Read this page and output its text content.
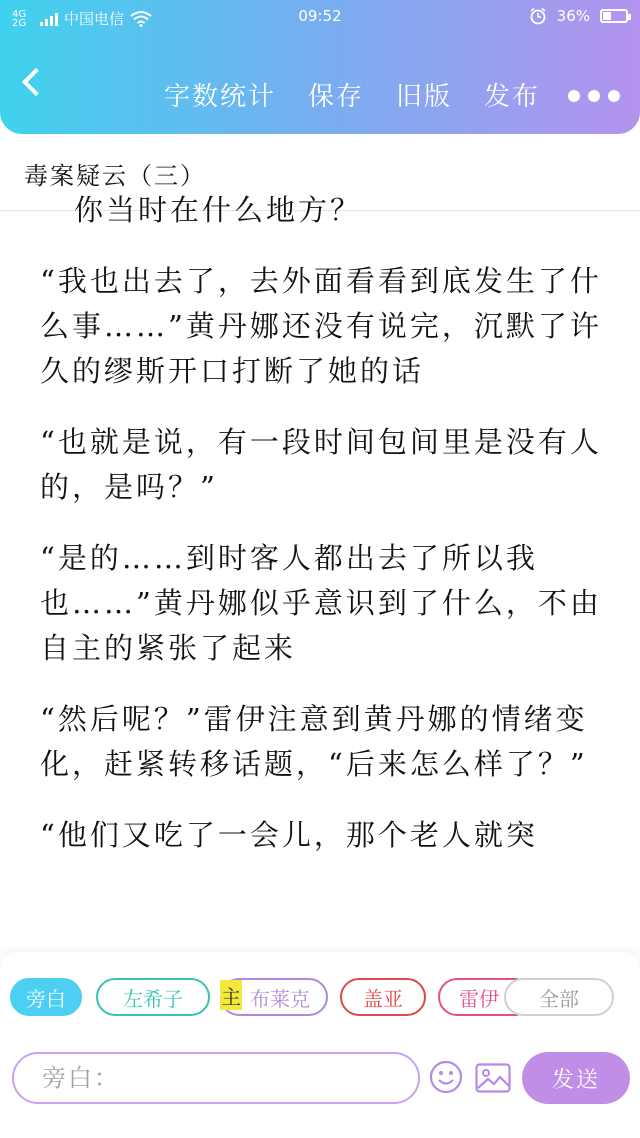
4G
2G	中国电信	09:52	36%
字数统计 保存 旧版 发布
毒案疑云（三）

你当时在什么地方？

“我也出去了，去外面看看到底发生了什么事……”黄丹娜还没有说完，沉默了许久的缪斯开口打断了她的话

“也就是说，有一段时间包间里是没有人的，是吗？”

“是的……到时客人都出去了所以我也……”黄丹娜似乎意识到了什么，不由自主的紧张了起来

“然后呢？”雷伊注意到黄丹娜的情绪变化，赶紧转移话题，“后来怎么样了？”

“他们又吃了一会儿，那个老人就突

旁白	左希子	布莱克
主	盖亚	雷伊 全部
旁白：
发送
